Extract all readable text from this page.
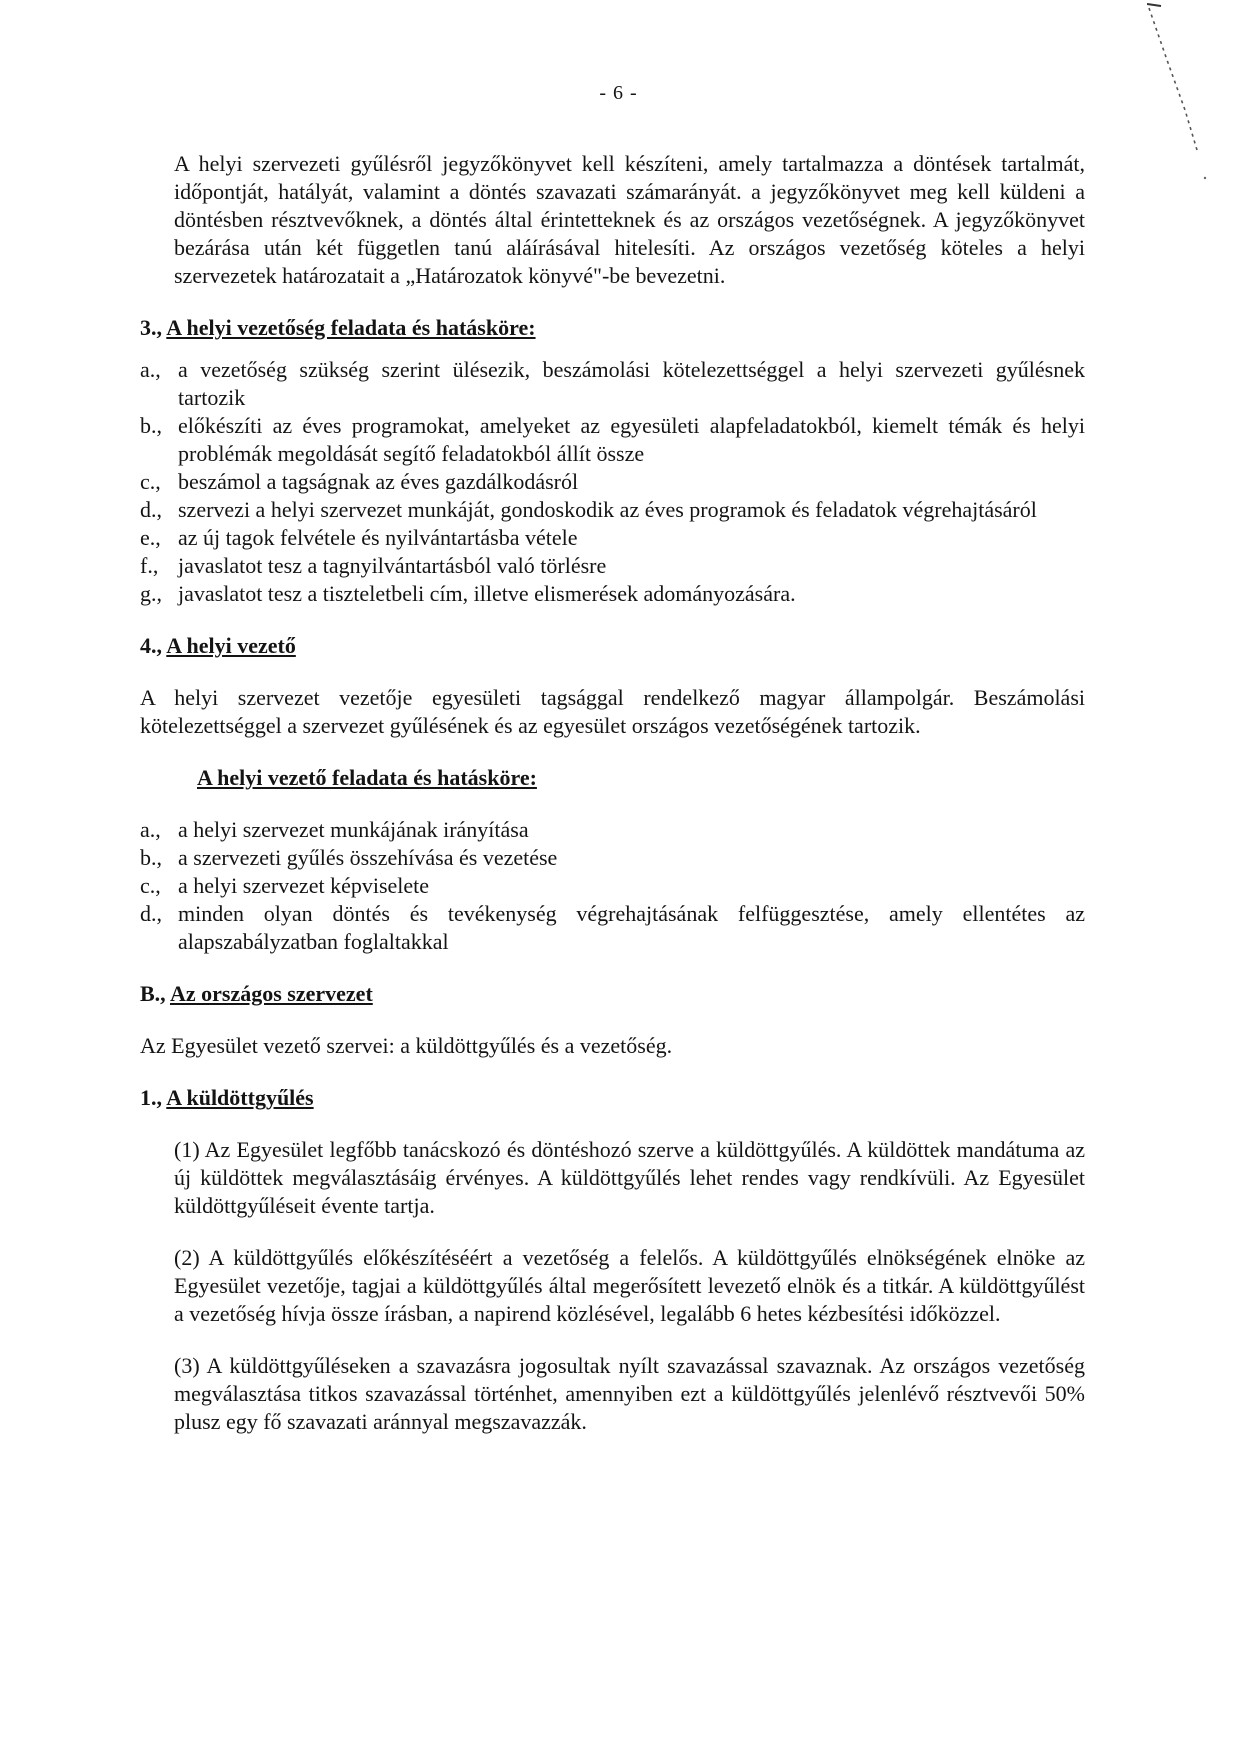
- 6 -

A helyi szervezeti gyűlésről jegyzőkönyvet kell készíteni, amely tartalmazza a döntések tartalmát, időpontját, hatályát, valamint a döntés szavazati számarányát. a jegyzőkönyvet meg kell küldeni a döntésben résztvevőknek, a döntés által érintetteknek és az országos vezetőségnek. A jegyzőkönyvet bezárása után két független tanú aláírásával hitelesíti. Az országos vezetőség köteles a helyi szervezetek határozatait a „Határozatok könyvé"-be bevezetni.

3., A helyi vezetőség feladata és hatásköre:

a., a vezetőség szükség szerint ülésezik, beszámolási kötelezettséggel a helyi szervezeti gyűlésnek tartozik
b., előkészíti az éves programokat, amelyeket az egyesületi alapfeladatokból, kiemelt témák és helyi problémák megoldását segítő feladatokból állít össze
c., beszámol a tagságnak az éves gazdálkodásról
d., szervezi a helyi szervezet munkáját, gondoskodik az éves programok és feladatok végrehajtásáról
e., az új tagok felvétele és nyilvántartásba vétele
f., javaslatot tesz a tagnyilvántartásból való törlésre
g., javaslatot tesz a tiszteletbeli cím, illetve elismerések adományozására.

4., A helyi vezető

A helyi szervezet vezetője egyesületi tagsággal rendelkező magyar állampolgár. Beszámolási kötelezettséggel a szervezet gyűlésének és az egyesület országos vezetőségének tartozik.

A helyi vezető feladata és hatásköre:

a., a helyi szervezet munkájának irányítása
b., a szervezeti gyűlés összehívása és vezetése
c., a helyi szervezet képviselete
d., minden olyan döntés és tevékenység végrehajtásának felfüggesztése, amely ellentétes az alapszabályzatban foglaltakkal

B., Az országos szervezet

Az Egyesület vezető szervei: a küldöttgyűlés és a vezetőség.

1., A küldöttgyűlés

(1) Az Egyesület legfőbb tanácskozó és döntéshozó szerve a küldöttgyűlés. A küldöttek mandátuma az új küldöttek megválasztásáig érvényes. A küldöttgyűlés lehet rendes vagy rendkívüli. Az Egyesület küldöttgyűléseit évente tartja.

(2) A küldöttgyűlés előkészítéséért a vezetőség a felelős. A küldöttgyűlés elnökségének elnöke az Egyesület vezetője, tagjai a küldöttgyűlés által megerősített levezető elnök és a titkár. A küldöttgyűlést a vezetőség hívja össze írásban, a napirend közlésével, legalább 6 hetes kézbesítési időközzel.

(3) A küldöttgyűléseken a szavazásra jogosultak nyílt szavazással szavaznak. Az országos vezetőség megválasztása titkos szavazással történhet, amennyiben ezt a küldöttgyűlés jelenlévő résztvevői 50% plusz egy fő szavazati aránnyal megszavazzák.
